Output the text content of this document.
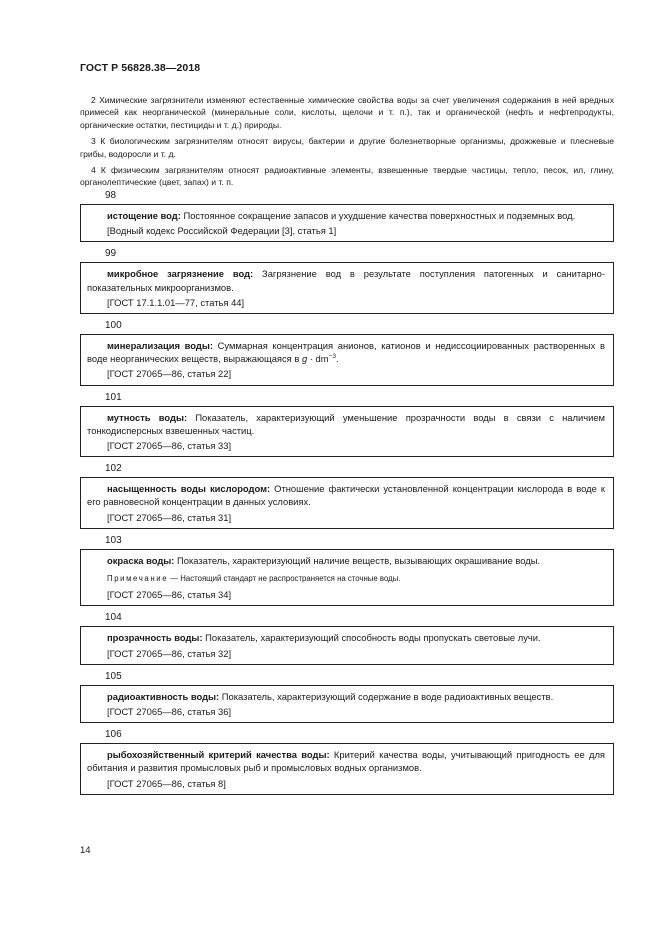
ГОСТ Р 56828.38—2018

2 Химические загрязнители изменяют естественные химические свойства воды за счет увеличения содержания в ней вредных примесей как неорганической (минеральные соли, кислоты, щелочи и т. п.), так и органической (нефть и нефтепродукты, органические остатки, пестициды и т. д.) природы.

3 К биологическим загрязнителям относят вирусы, бактерии и другие болезнетворные организмы, дрожжевые и плесневые грибы, водоросли и т. д.

4 К физическим загрязнителям относят радиоактивные элементы, взвешенные твердые частицы, тепло, песок, ил, глину, органолептические (цвет, запах) и т. п.

98

истощение вод: Постоянное сокращение запасов и ухудшение качества поверхностных и подземных вод.

[Водный кодекс Российской Федерации [3], статья 1]
99

микробное загрязнение вод: Загрязнение вод в результате поступления патогенных и санитарно-показательных микроорганизмов.

[ГОСТ 17.1.1.01—77, статья 44]
100

минерализация воды: Суммарная концентрация анионов, катионов и недиссоциированных растворенных в воде неорганических веществ, выражающаяся в $g \cdot dm^{-3}$.

[ГОСТ 27065—86, статья 22]
101

мутность воды: Показатель, характеризующий уменьшение прозрачности воды в связи с наличием тонкодисперсных взвешенных частиц.

[ГОСТ 27065—86, статья 33]
102

насыщенность воды кислородом: Отношение фактически установленной концентрации кислорода в воде к его равновесной концентрации в данных условиях.

[ГОСТ 27065—86, статья 31]
103

окраска воды: Показатель, характеризующий наличие веществ, вызывающих окрашивание воды.

Примечание — Настоящий стандарт не распространяется на сточные воды.
[ГОСТ 27065—86, статья 34]
104

прозрачность воды: Показатель, характеризующий способность воды пропускать световые лучи.

[ГОСТ 27065—86, статья 32]
105

радиоактивность воды: Показатель, характеризующий содержание в воде радиоактивных веществ.

[ГОСТ 27065—86, статья 36]
106

рыбохозяйственный критерий качества воды: Критерий качества воды, учитывающий пригодность ее для обитания и развития промысловых рыб и промысловых водных организмов.

[ГОСТ 27065—86, статья 8]
14
